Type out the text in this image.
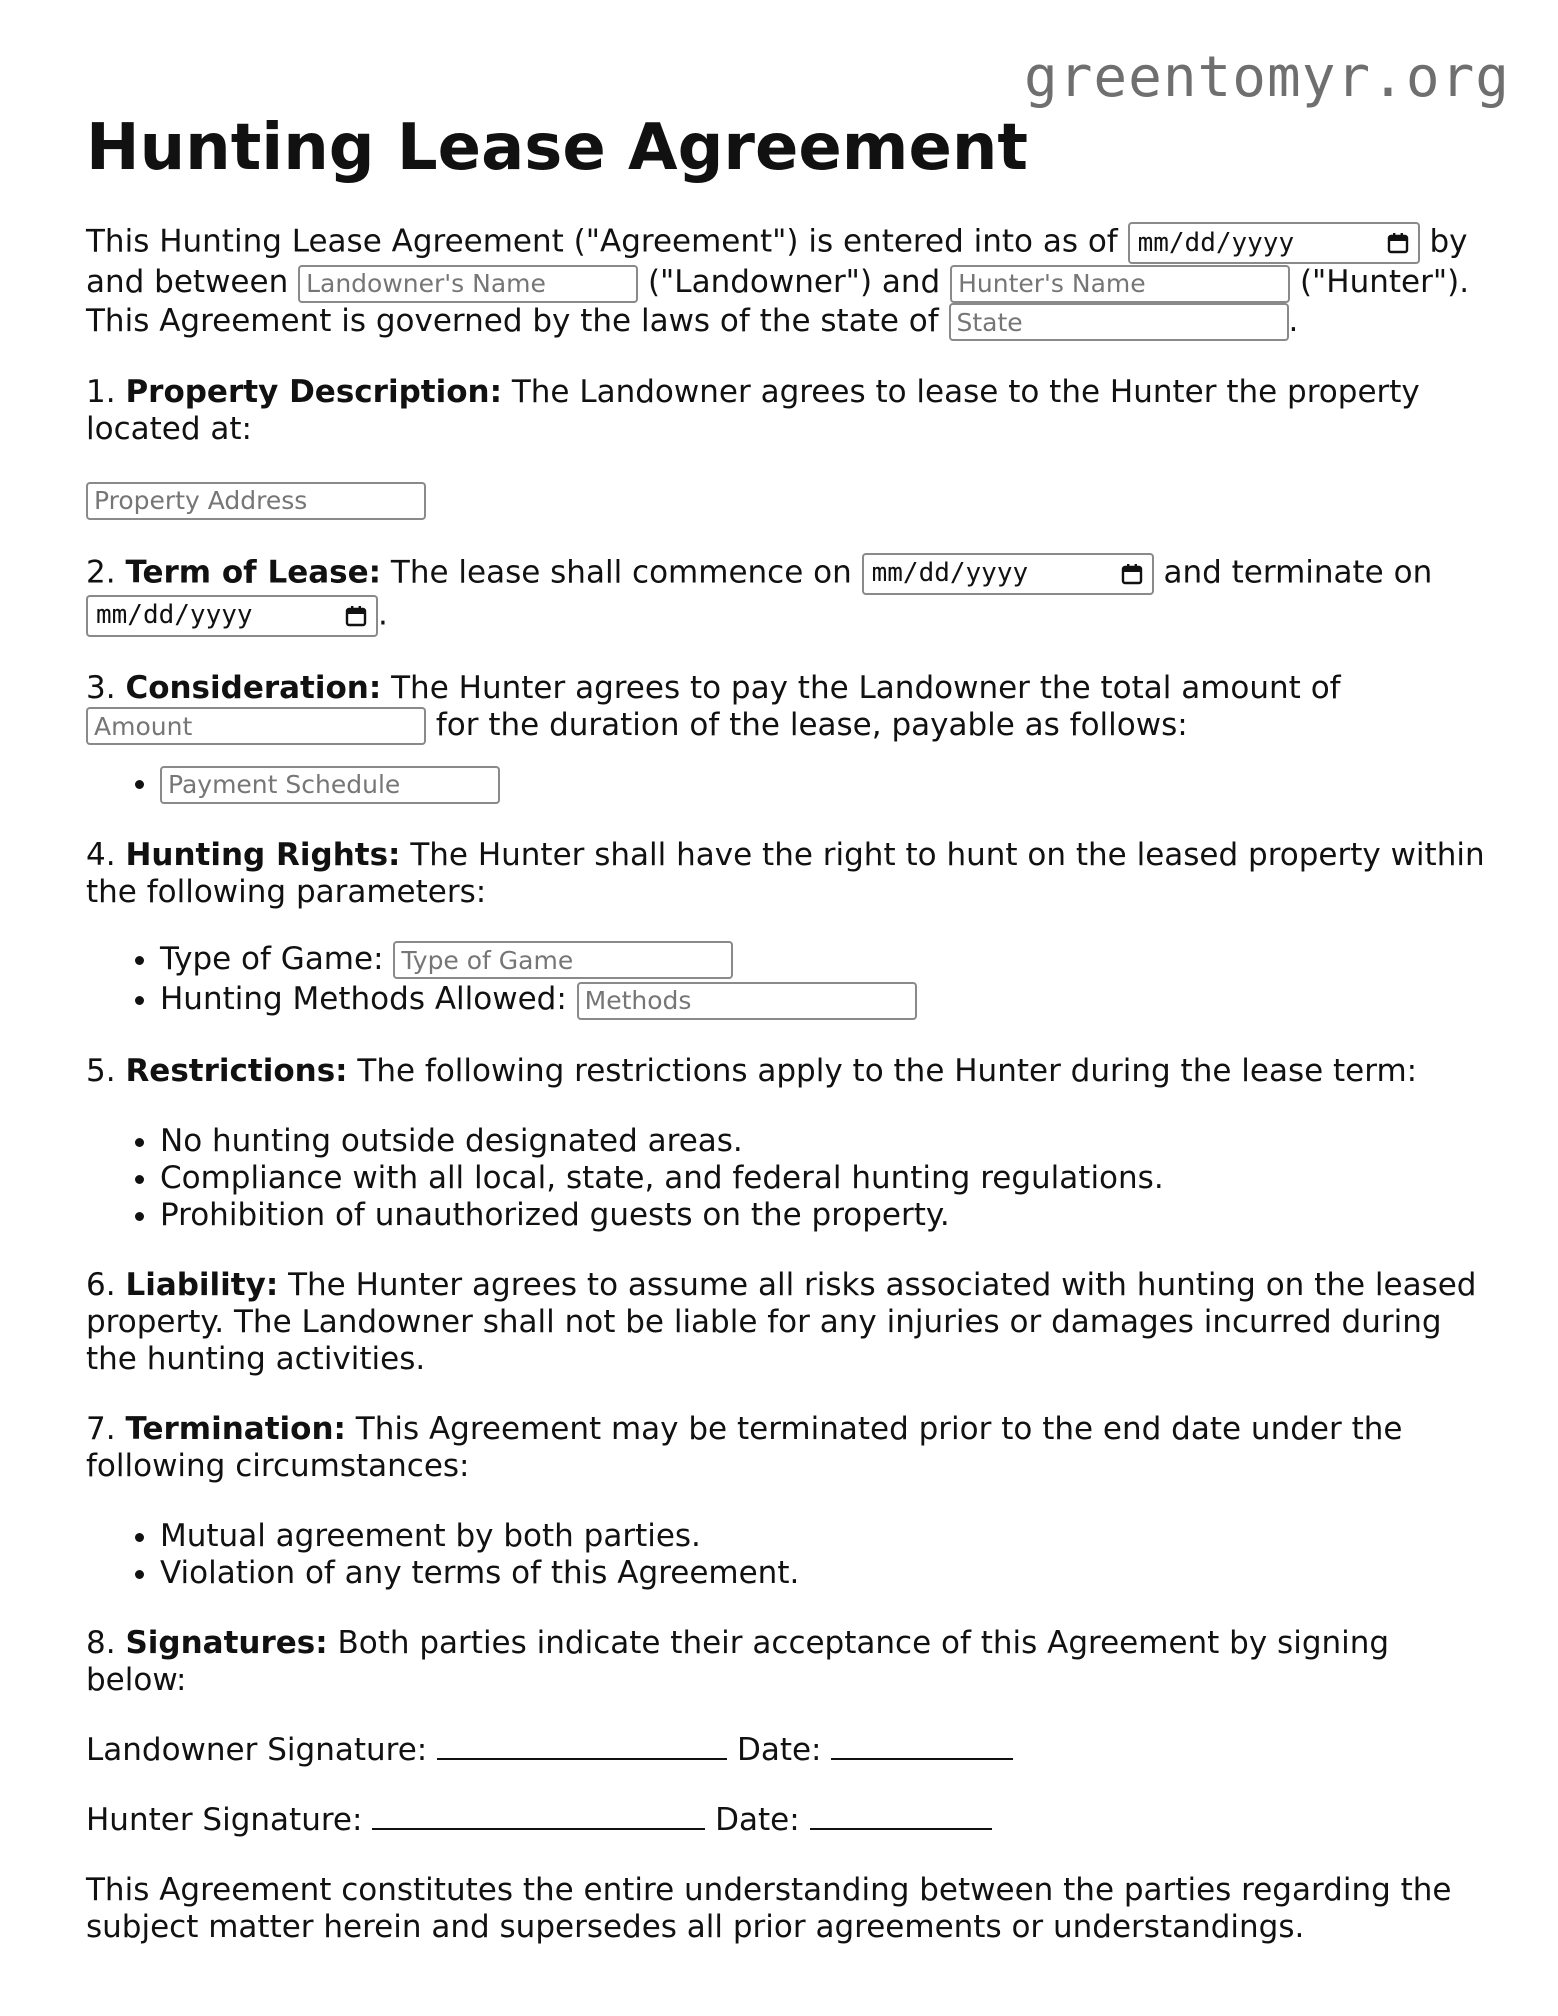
greentomyr.org
Hunting Lease Agreement

This Hunting Lease Agreement ("Agreement") is entered into as of mm/dd/yyyy	by and between Landowner's Name	("Landowner") and Hunter's Name	("Hunter"). This Agreement is governed by the laws of the state of State	.

1. Property Description: The Landowner agrees to lease to the Hunter the property located at:

Property Address

2. Term of Lease: The lease shall commence on mm/dd/yyyy	and terminate on
mm/dd/yyyy	.

3. Consideration: The Hunter agrees to pay the Landowner the total amount of Amount for the duration of the lease, payable as follows:

• Payment Schedule

4. Hunting Rights: The Hunter shall have the right to hunt on the leased property within the following parameters:

• Type of Game: Type of Game
• Hunting Methods Allowed: Methods

5. Restrictions: The following restrictions apply to the Hunter during the lease term:

• No hunting outside designated areas.
• Compliance with all local, state, and federal hunting regulations.
• Prohibition of unauthorized guests on the property.

6. Liability: The Hunter agrees to assume all risks associated with hunting on the leased property. The Landowner shall not be liable for any injuries or damages incurred during the hunting activities.

7. Termination: This Agreement may be terminated prior to the end date under the following circumstances:

• Mutual agreement by both parties.
• Violation of any terms of this Agreement.

8. Signatures: Both parties indicate their acceptance of this Agreement by signing below:

Landowner Signature:	Date:

Hunter Signature:	Date:

This Agreement constitutes the entire understanding between the parties regarding the subject matter herein and supersedes all prior agreements or understandings.
